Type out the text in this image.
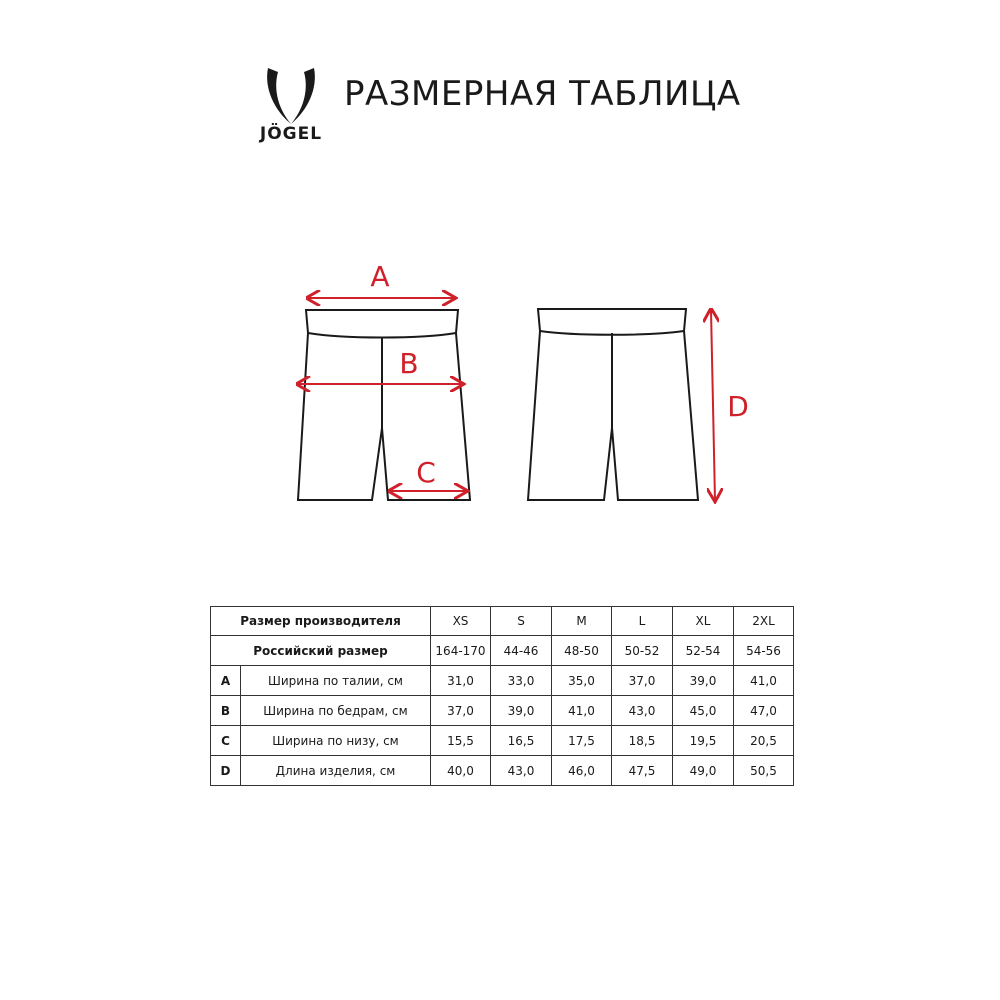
JÖGEL
РАЗМЕРНАЯ ТАБЛИЦА
A
B
C
D
Размер производителя		XS	S	M	L	XL	2XL
Российский размер		164-170	44-46	48-50	50-52	52-54	54-56
A	Ширина по талии, см	31,0	33,0	35,0	37,0	39,0	41,0
B	Ширина по бедрам, см	37,0	39,0	41,0	43,0	45,0	47,0
C	Ширина по низу, см	15,5	16,5	17,5	18,5	19,5	20,5
D	Длина изделия, см	40,0	43,0	46,0	47,5	49,0	50,5
